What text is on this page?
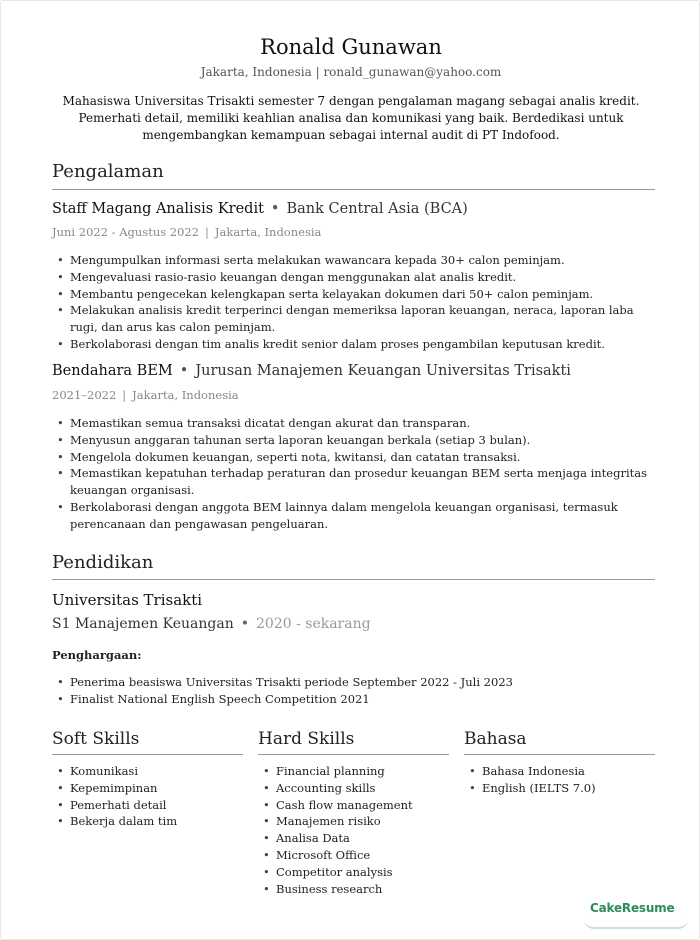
Ronald Gunawan
Jakarta, Indonesia | ronald_gunawan@yahoo.com
Mahasiswa Universitas Trisakti semester 7 dengan pengalaman magang sebagai analis kredit. Pemerhati detail, memiliki keahlian analisa dan komunikasi yang baik. Berdedikasi untuk mengembangkan kemampuan sebagai internal audit di PT Indofood.
Pengalaman
Staff Magang Analisis Kredit • Bank Central Asia (BCA)
Juni 2022 - Agustus 2022 | Jakarta, Indonesia
• Mengumpulkan informasi serta melakukan wawancara kepada 30+ calon peminjam.
• Mengevaluasi rasio-rasio keuangan dengan menggunakan alat analis kredit.
• Membantu pengecekan kelengkapan serta kelayakan dokumen dari 50+ calon peminjam.
• Melakukan analisis kredit terperinci dengan memeriksa laporan keuangan, neraca, laporan laba rugi, dan arus kas calon peminjam.
• Berkolaborasi dengan tim analis kredit senior dalam proses pengambilan keputusan kredit.
Bendahara BEM • Jurusan Manajemen Keuangan Universitas Trisakti
2021–2022 | Jakarta, Indonesia
• Memastikan semua transaksi dicatat dengan akurat dan transparan.
• Menyusun anggaran tahunan serta laporan keuangan berkala (setiap 3 bulan).
• Mengelola dokumen keuangan, seperti nota, kwitansi, dan catatan transaksi.
• Memastikan kepatuhan terhadap peraturan dan prosedur keuangan BEM serta menjaga integritas keuangan organisasi.
• Berkolaborasi dengan anggota BEM lainnya dalam mengelola keuangan organisasi, termasuk perencanaan dan pengawasan pengeluaran.
Pendidikan
Universitas Trisakti
S1 Manajemen Keuangan • 2020 - sekarang
Penghargaan:
• Penerima beasiswa Universitas Trisakti periode September 2022 - Juli 2023
• Finalist National English Speech Competition 2021
Soft Skills
• Komunikasi
• Kepemimpinan
• Pemerhati detail
• Bekerja dalam tim
Hard Skills
• Financial planning
• Accounting skills
• Cash flow management
• Manajemen risiko
• Analisa Data
• Microsoft Office
• Competitor analysis
• Business research
Bahasa
• Bahasa Indonesia
• English (IELTS 7.0)
CakeResume
